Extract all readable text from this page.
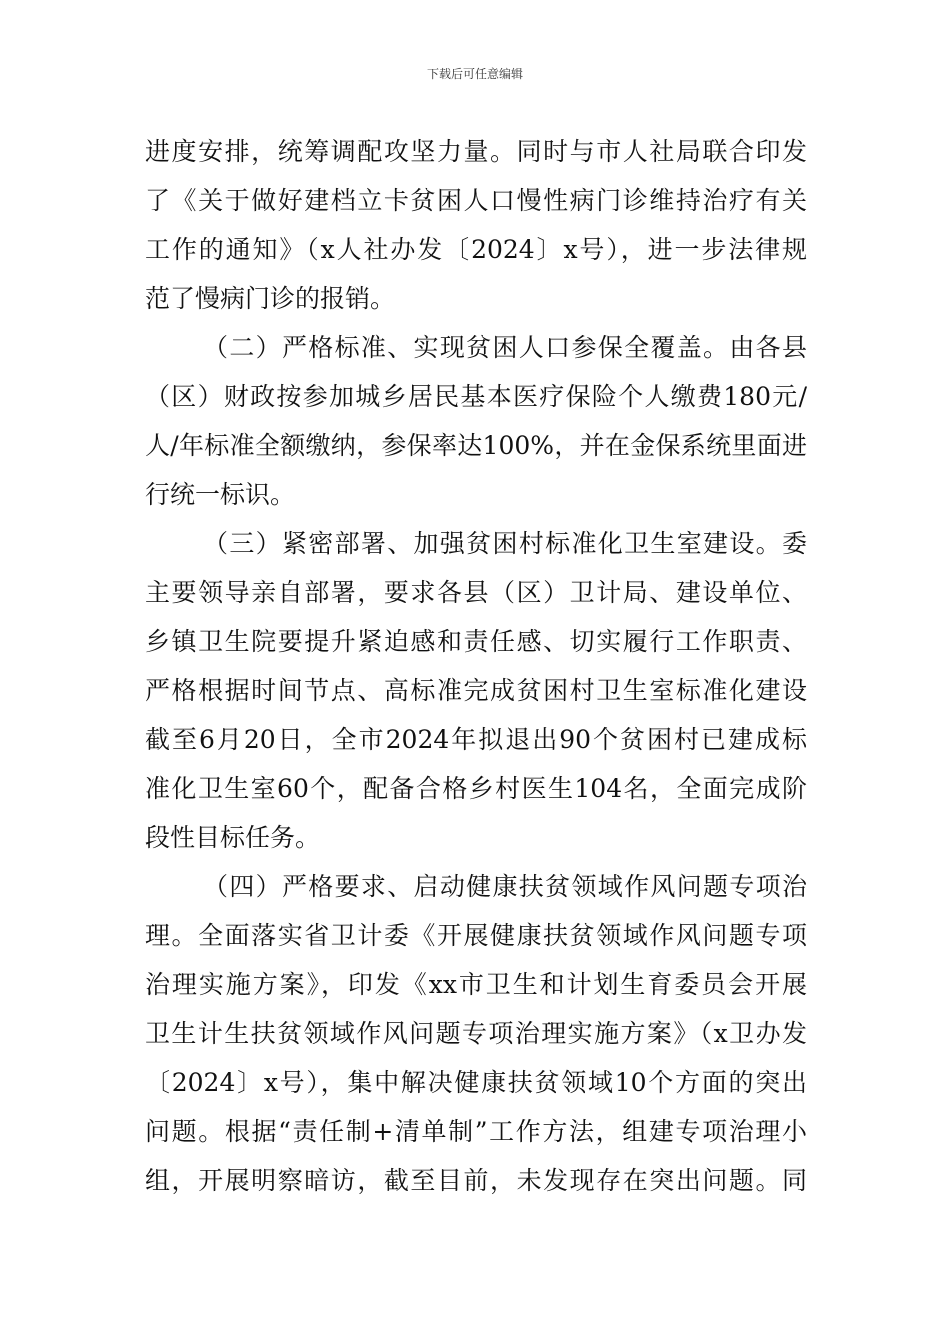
下载后可任意编辑
进度安排，统筹调配攻坚力量。同时与市人社局联合印发
了《关于做好建档立卡贫困人口慢性病门诊维持治疗有关
工作的通知》（x人社办发〔2024〕x号），进一步法律规
范了慢病门诊的报销。
（二）严格标准、实现贫困人口参保全覆盖。由各县
（区）财政按参加城乡居民基本医疗保险个人缴费180元/
人/年标准全额缴纳，参保率达100%，并在金保系统里面进
行统一标识。
（三）紧密部署、加强贫困村标准化卫生室建设。委
主要领导亲自部署，要求各县（区）卫计局、建设单位、
乡镇卫生院要提升紧迫感和责任感、切实履行工作职责、
严格根据时间节点、高标准完成贫困村卫生室标准化建设
截至6月20日，全市2024年拟退出90个贫困村已建成标
准化卫生室60个，配备合格乡村医生104名，全面完成阶
段性目标任务。
（四）严格要求、启动健康扶贫领域作风问题专项治
理。全面落实省卫计委《开展健康扶贫领域作风问题专项
治理实施方案》，印发《xx市卫生和计划生育委员会开展
卫生计生扶贫领域作风问题专项治理实施方案》（x卫办发
〔2024〕x号），集中解决健康扶贫领域10个方面的突出
问题。根据“责任制+清单制”工作方法，组建专项治理小
组，开展明察暗访，截至目前，未发现存在突出问题。同
